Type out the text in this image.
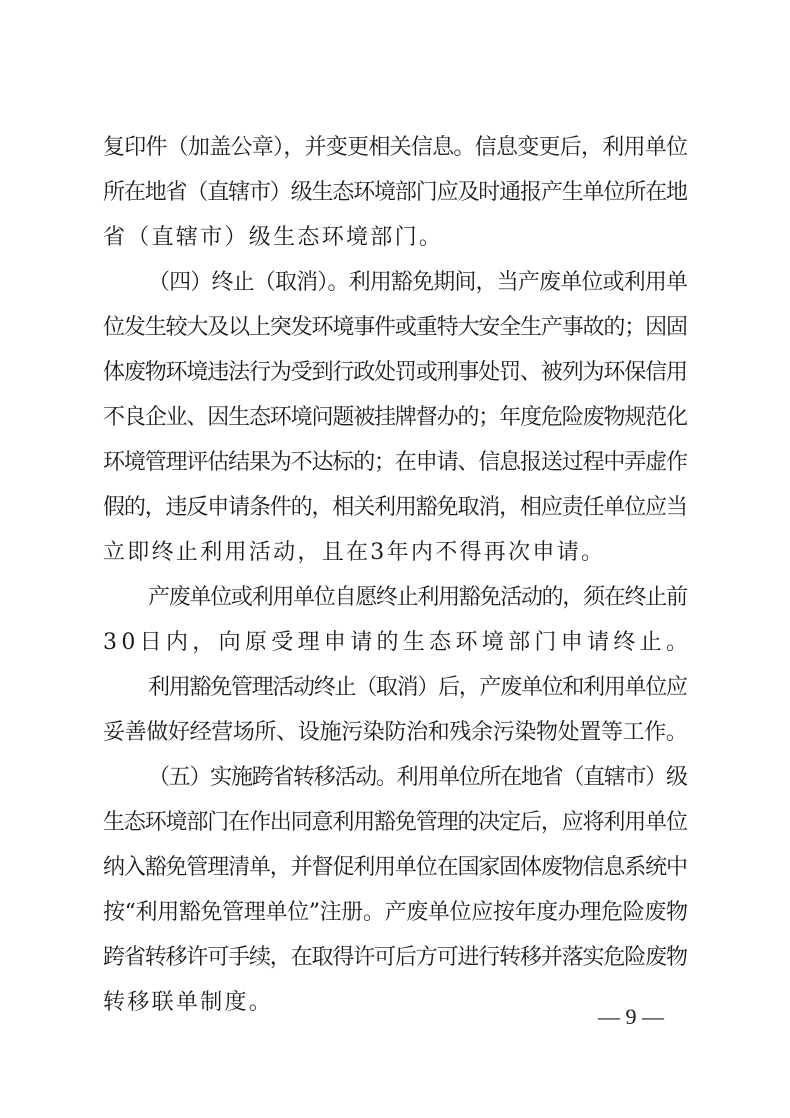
复印件（加盖公章），并变更相关信息。信息变更后，利用单位
所在地省（直辖市）级生态环境部门应及时通报产生单位所在地
省（直辖市）级生态环境部门。
（四）终止（取消）。利用豁免期间，当产废单位或利用单
位发生较大及以上突发环境事件或重特大安全生产事故的；因固
体废物环境违法行为受到行政处罚或刑事处罚、被列为环保信用
不良企业、因生态环境问题被挂牌督办的；年度危险废物规范化
环境管理评估结果为不达标的；在申请、信息报送过程中弄虚作
假的，违反申请条件的，相关利用豁免取消，相应责任单位应当
立即终止利用活动，且在3年内不得再次申请。
产废单位或利用单位自愿终止利用豁免活动的，须在终止前
30日内，向原受理申请的生态环境部门申请终止。
利用豁免管理活动终止（取消）后，产废单位和利用单位应
妥善做好经营场所、设施污染防治和残余污染物处置等工作。
（五）实施跨省转移活动。利用单位所在地省（直辖市）级
生态环境部门在作出同意利用豁免管理的决定后，应将利用单位
纳入豁免管理清单，并督促利用单位在国家固体废物信息系统中
按“利用豁免管理单位”注册。产废单位应按年度办理危险废物
跨省转移许可手续，在取得许可后方可进行转移并落实危险废物
转移联单制度。
— 9 —
